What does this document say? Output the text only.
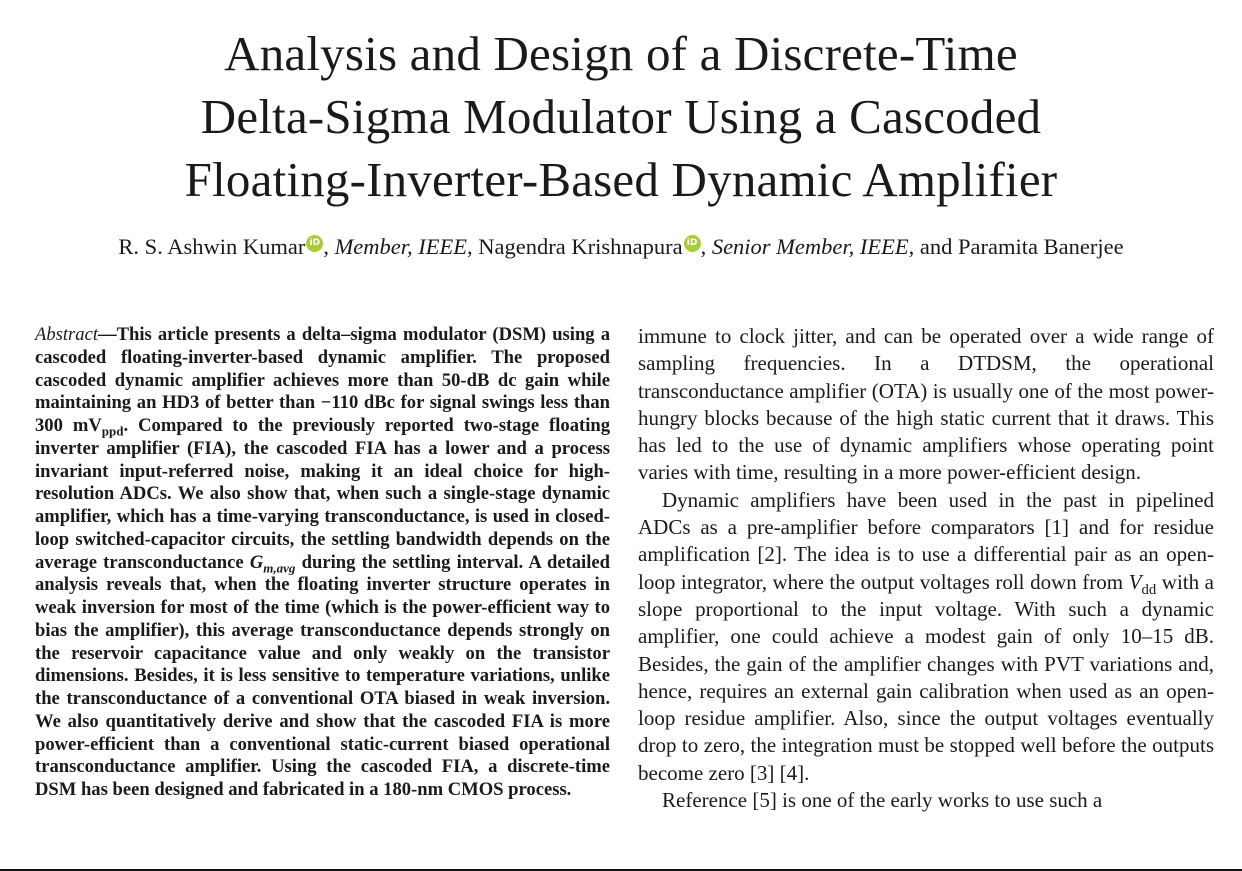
Analysis and Design of a Discrete-Time
Delta-Sigma Modulator Using a Cascoded
Floating-Inverter-Based Dynamic Amplifier
R. S. Ashwin Kumar iD , Member, IEEE, Nagendra Krishnapura iD , Senior Member, IEEE, and Paramita Banerjee
Abstract—This article presents a delta–sigma modulator (DSM) using a cascoded floating-inverter-based dynamic amplifier. The proposed cascoded dynamic amplifier achieves more than 50-dB dc gain while maintaining an HD3 of better than −110 dBc for signal swings less than 300 $mV_{ppd}$. Compared to the previously reported two-stage floating inverter amplifier (FIA), the cascoded FIA has a lower and a process invariant input-referred noise, making it an ideal choice for high-resolution ADCs. We also show that, when such a single-stage dynamic amplifier, which has a time-varying transconductance, is used in closed-loop switched-capacitor circuits, the settling bandwidth depends on the average transconductance $G_{m,avg}$ during the settling interval. A detailed analysis reveals that, when the floating inverter structure operates in weak inversion for most of the time (which is the power-efficient way to bias the amplifier), this average transconductance depends strongly on the reservoir capacitance value and only weakly on the transistor dimensions. Besides, it is less sensitive to temperature variations, unlike the transconductance of a conventional OTA biased in weak inversion. We also quantitatively derive and show that the cascoded FIA is more power-efficient than a conventional static-current biased operational transconductance amplifier. Using the cascoded FIA, a discrete-time DSM has been designed and fabricated in a 180-nm CMOS process.

immune to clock jitter, and can be operated over a wide range of sampling frequencies. In a DTDSM, the operational transconductance amplifier (OTA) is usually one of the most power-hungry blocks because of the high static current that it draws. This has led to the use of dynamic amplifiers whose operating point varies with time, resulting in a more power-efficient design.

Dynamic amplifiers have been used in the past in pipelined ADCs as a pre-amplifier before comparators [1] and for residue amplification [2]. The idea is to use a differential pair as an open-loop integrator, where the output voltages roll down from $V_{dd}$ with a slope proportional to the input voltage. With such a dynamic amplifier, one could achieve a modest gain of only 10–15 dB. Besides, the gain of the amplifier changes with PVT variations and, hence, requires an external gain calibration when used as an open-loop residue amplifier. Also, since the output voltages eventually drop to zero, the integration must be stopped well before the outputs become zero [3] [4].

Reference [5] is one of the early works to use such a
